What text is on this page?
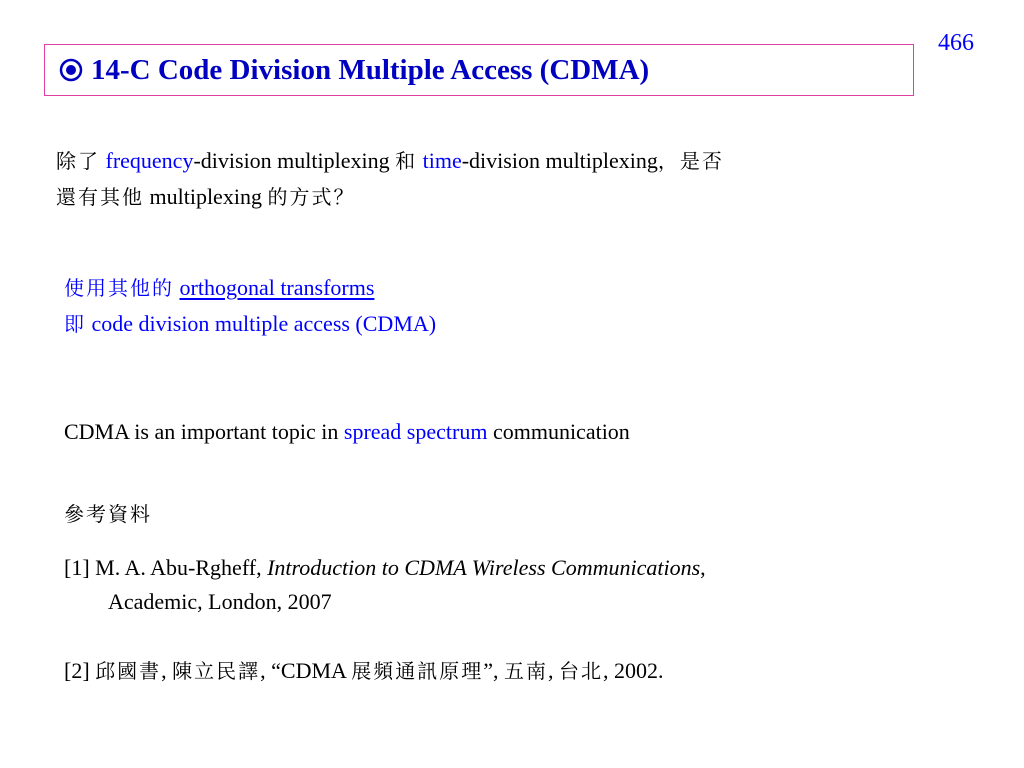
466
14-C Code Division Multiple Access (CDMA)
除了 frequency-division multiplexing 和 time-division multiplexing，是否
還有其他 multiplexing 的方式？
使用其他的 orthogonal transforms
即 code division multiple access (CDMA)
CDMA is an important topic in spread spectrum communication
參考資料
[1] M. A. Abu-Rgheff, Introduction to CDMA Wireless Communications,
Academic, London, 2007
[2] 邱國書, 陳立民譯, “CDMA 展頻通訊原理”, 五南, 台北, 2002.
